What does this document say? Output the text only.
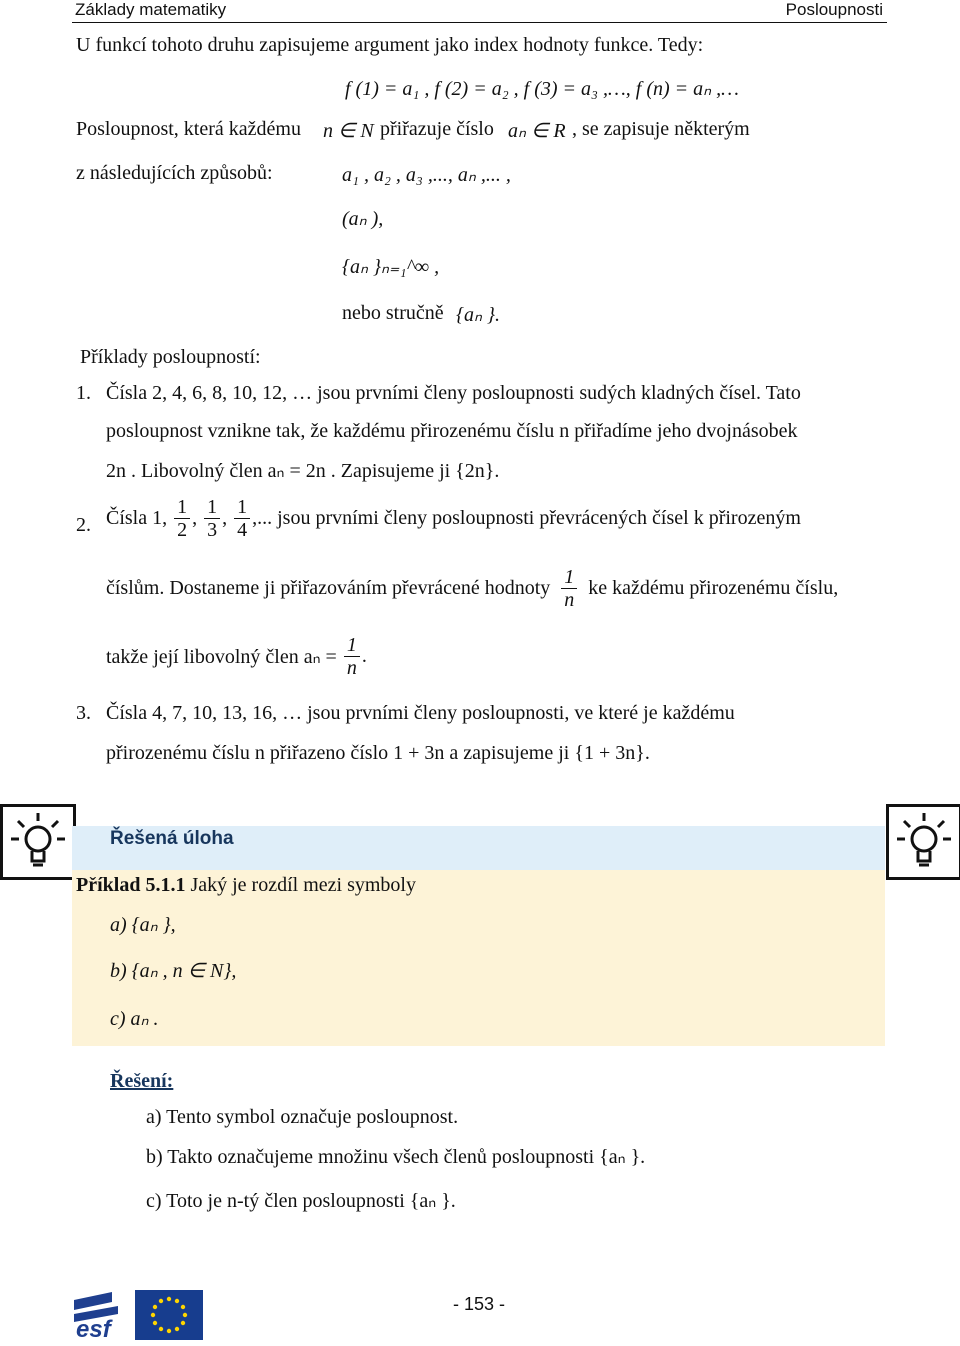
Základy matematiky	Posloupnosti
U funkcí tohoto druhu zapisujeme argument jako index hodnoty funkce. Tedy:
f (1) = a₁ , f (2) = a₂ , f (3) = a₃ ,…, f (n) = aₙ ,…
Posloupnost, která každému n ∈ N přiřazuje číslo aₙ ∈ R , se zapisuje některým
z následujících způsobů:	a₁ , a₂ , a₃ ,..., aₙ ,... ,
(aₙ ),
{aₙ }ₙ₌₁^∞ ,
nebo stručně {aₙ }.
Příklady posloupností:
1. Čísla 2, 4, 6, 8, 10, 12, … jsou prvními členy posloupnosti sudých kladných čísel. Tato
posloupnost vznikne tak, že každému přirozenému číslu n přiřadíme jeho dvojnásobek
2n . Libovolný člen aₙ = 2n . Zapisujeme ji {2n}.
2. Čísla 1, $\frac{1}{2}$ , $\frac{1}{3}$ , $\frac{1}{4}$ ,... jsou prvními členy posloupnosti převrácených čísel k přirozeným
číslům. Dostaneme ji přiřazováním převrácené hodnoty $\frac{1}{n}$ ke každému přirozenému číslu,
takže její libovolný člen $a_n = \frac{1}{n}$ .
3. Čísla 4, 7, 10, 13, 16, … jsou prvními členy posloupnosti, ve které je každému
přirozenému číslu n přiřazeno číslo 1 + 3n a zapisujeme ji {1 + 3n}.
Řešená úloha
Příklad 5.1.1 Jaký je rozdíl mezi symboly
a) {aₙ },
b) {aₙ , n ∈ N},
c) aₙ .
Řešení:
a) Tento symbol označuje posloupnost.
b) Takto označujeme množinu všech členů posloupnosti {aₙ }.
c) Toto je n-tý člen posloupnosti {aₙ }.
esf
- 153 -
